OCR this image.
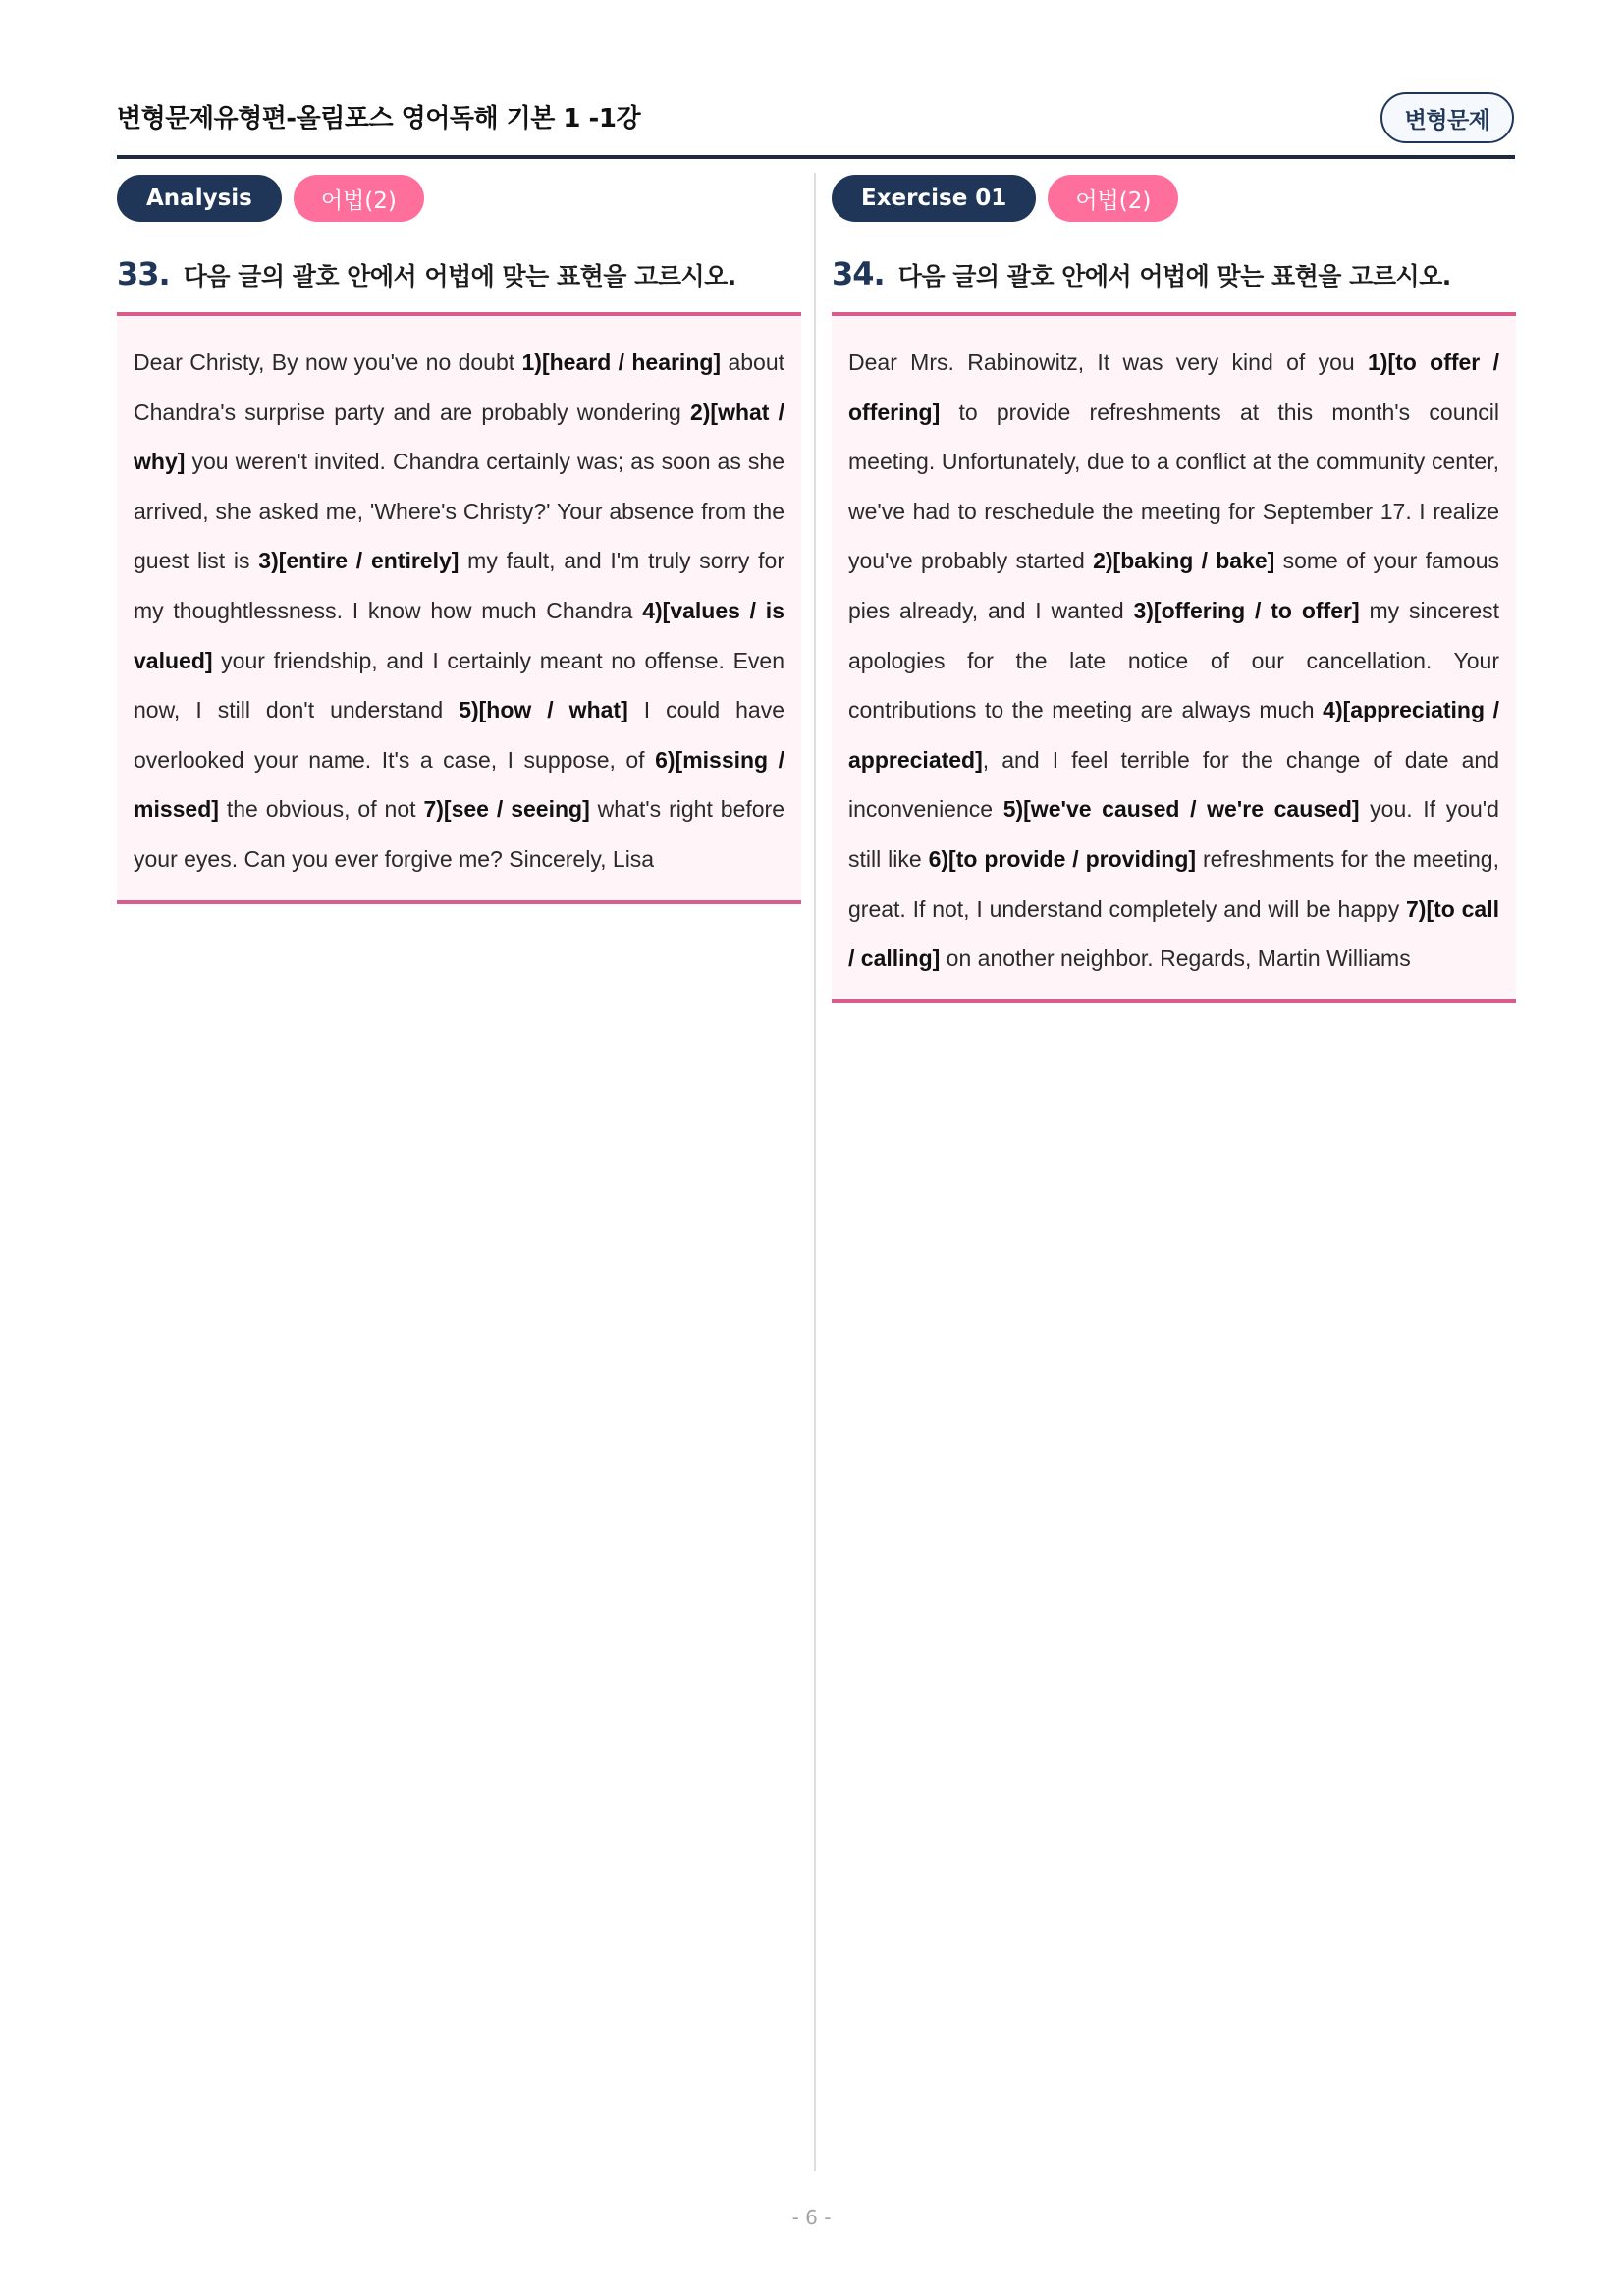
변형문제유형편-올림포스 영어독해 기본 1 -1강	변형문제
Analysis	어법(2)
33. 다음 글의 괄호 안에서 어법에 맞는 표현을 고르시오.
Dear Christy, By now you've no doubt 1)[heard / hearing] about Chandra's surprise party and are probably wondering 2)[what / why] you weren't invited. Chandra certainly was; as soon as she arrived, she asked me, 'Where's Christy?' Your absence from the guest list is 3)[entire / entirely] my fault, and I'm truly sorry for my thoughtlessness. I know how much Chandra 4)[values / is valued] your friendship, and I certainly meant no offense. Even now, I still don't understand 5)[how / what] I could have overlooked your name. It's a case, I suppose, of 6)[missing / missed] the obvious, of not 7)[see / seeing] what's right before your eyes. Can you ever forgive me? Sincerely, Lisa
Exercise 01	어법(2)
34. 다음 글의 괄호 안에서 어법에 맞는 표현을 고르시오.
Dear Mrs. Rabinowitz, It was very kind of you 1)[to offer / offering] to provide refreshments at this month's council meeting. Unfortunately, due to a conflict at the community center, we've had to reschedule the meeting for September 17. I realize you've probably started 2)[baking / bake] some of your famous pies already, and I wanted 3)[offering / to offer] my sincerest apologies for the late notice of our cancellation. Your contributions to the meeting are always much 4)[appreciating / appreciated], and I feel terrible for the change of date and inconvenience 5)[we've caused / we're caused] you. If you'd still like 6)[to provide / providing] refreshments for the meeting, great. If not, I understand completely and will be happy 7)[to call / calling] on another neighbor. Regards, Martin Williams
- 6 -
